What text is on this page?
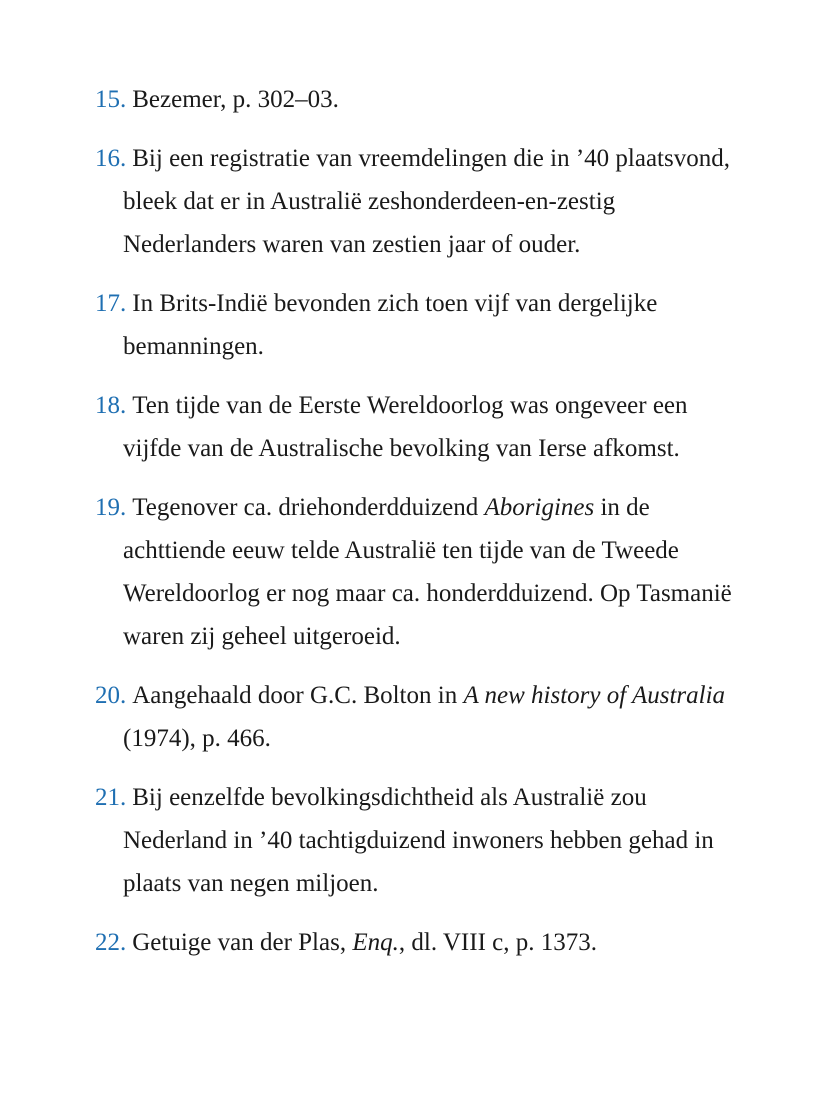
15. Bezemer, p. 302–03.
16. Bij een registratie van vreemdelingen die in ’40 plaatsvond, bleek dat er in Australië zeshonderdeen-en-zestig Nederlanders waren van zestien jaar of ouder.
17. In Brits-Indië bevonden zich toen vijf van dergelijke bemanningen.
18. Ten tijde van de Eerste Wereldoorlog was ongeveer een vijfde van de Australische bevolking van Ierse afkomst.
19. Tegenover ca. driehonderdduizend Aborigines in de achttiende eeuw telde Australië ten tijde van de Tweede Wereldoorlog er nog maar ca. honderdduizend. Op Tasmanië waren zij geheel uitgeroeid.
20. Aangehaald door G.C. Bolton in A new history of Australia (1974), p. 466.
21. Bij eenzelfde bevolkingsdichtheid als Australië zou Nederland in ’40 tachtigduizend inwoners hebben gehad in plaats van negen miljoen.
22. Getuige van der Plas, Enq., dl. VIII c, p. 1373.
